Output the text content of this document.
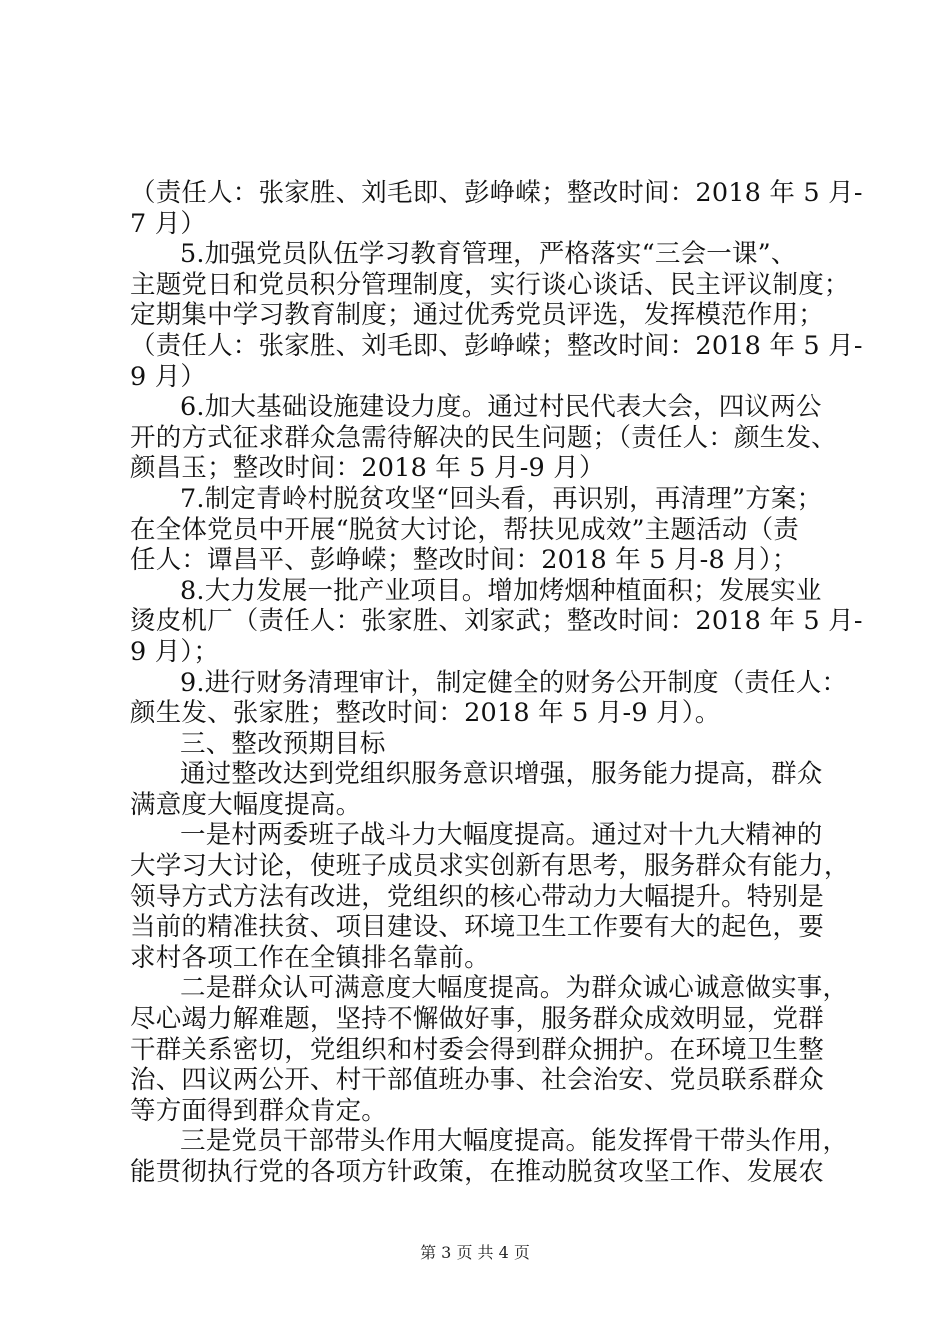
（责任人：张家胜、刘毛即、彭峥嵘；整改时间：2018 年 5 月-
7 月）
5.加强党员队伍学习教育管理，严格落实“三会一课”、
主题党日和党员积分管理制度，实行谈心谈话、民主评议制度；
定期集中学习教育制度；通过优秀党员评选，发挥模范作用；
（责任人：张家胜、刘毛即、彭峥嵘；整改时间：2018 年 5 月-
9 月）
6.加大基础设施建设力度。通过村民代表大会，四议两公
开的方式征求群众急需待解决的民生问题；（责任人：颜生发、
颜昌玉；整改时间：2018 年 5 月-9 月）
7.制定青岭村脱贫攻坚“回头看，再识别，再清理”方案；
在全体党员中开展“脱贫大讨论，帮扶见成效”主题活动（责
任人：谭昌平、彭峥嵘；整改时间：2018 年 5 月-8 月）；
8.大力发展一批产业项目。增加烤烟种植面积；发展实业
烫皮机厂（责任人：张家胜、刘家武；整改时间：2018 年 5 月-
9 月）；
9.进行财务清理审计，制定健全的财务公开制度（责任人：
颜生发、张家胜；整改时间：2018 年 5 月-9 月）。
三、整改预期目标
通过整改达到党组织服务意识增强，服务能力提高，群众
满意度大幅度提高。
一是村两委班子战斗力大幅度提高。通过对十九大精神的
大学习大讨论，使班子成员求实创新有思考，服务群众有能力，
领导方式方法有改进，党组织的核心带动力大幅提升。特别是
当前的精准扶贫、项目建设、环境卫生工作要有大的起色，要
求村各项工作在全镇排名靠前。
二是群众认可满意度大幅度提高。为群众诚心诚意做实事，
尽心竭力解难题，坚持不懈做好事，服务群众成效明显，党群
干群关系密切，党组织和村委会得到群众拥护。在环境卫生整
治、四议两公开、村干部值班办事、社会治安、党员联系群众
等方面得到群众肯定。
三是党员干部带头作用大幅度提高。能发挥骨干带头作用，
能贯彻执行党的各项方针政策，在推动脱贫攻坚工作、发展农
第 3 页 共 4 页
